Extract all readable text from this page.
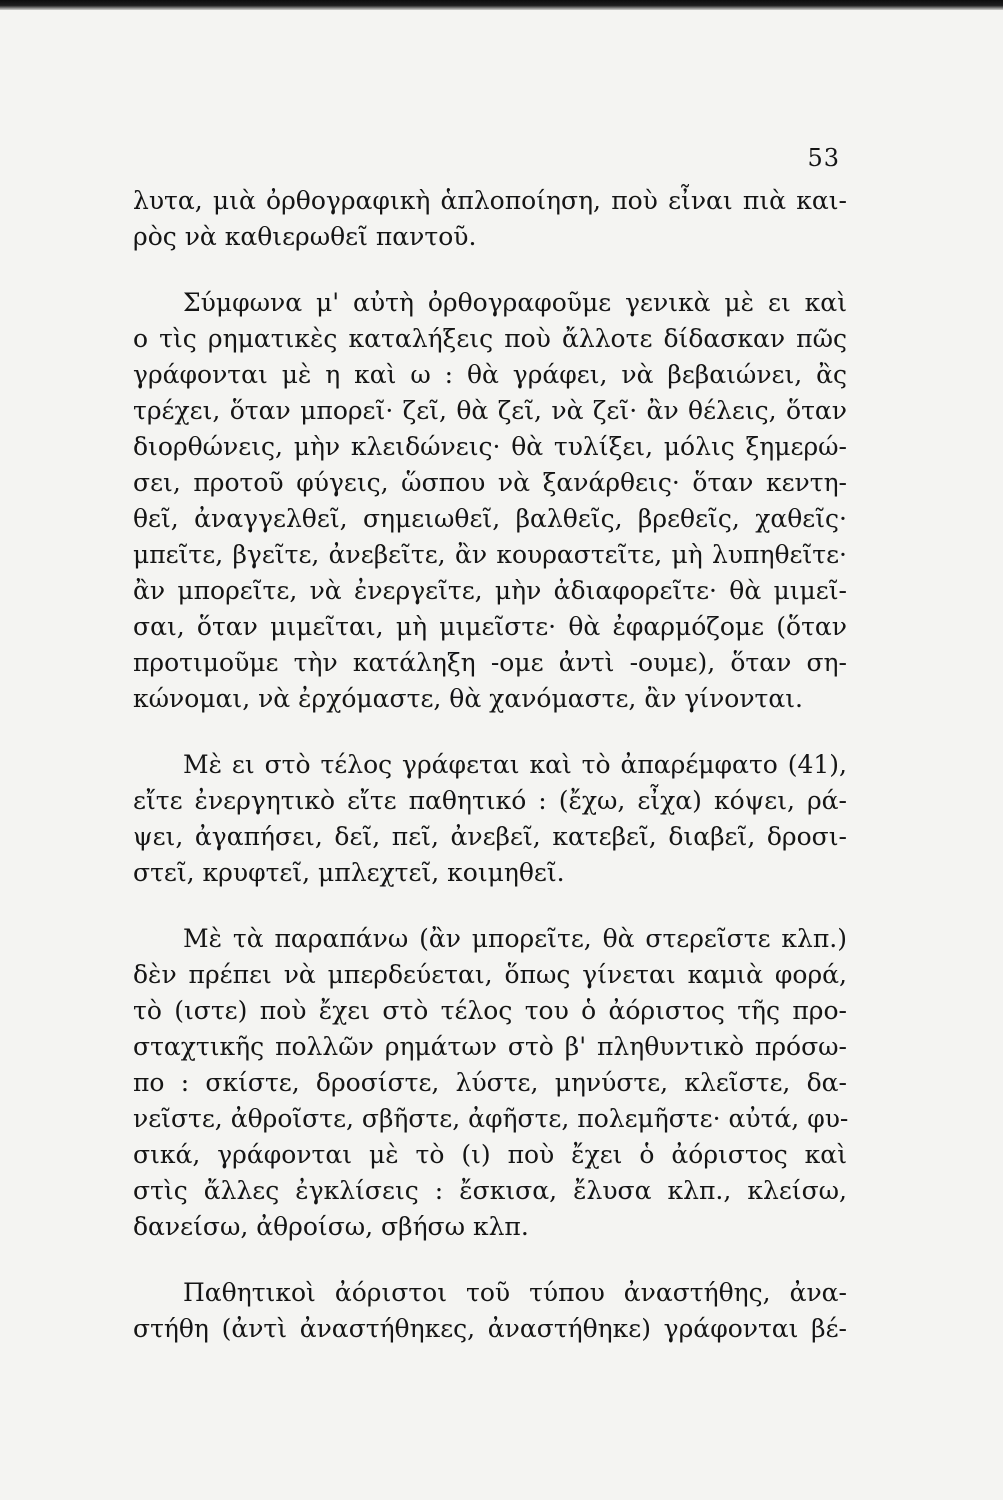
53
λυτα, μιὰ ὀρθογραφικὴ ἁπλοποίηση, ποὺ εἶναι πιὰ και-
ρὸς νὰ καθιερωθεῖ παντοῦ.
Σύμφωνα μ' αὐτὴ ὀρθογραφοῦμε γενικὰ μὲ ει καὶ
ο τὶς ρηματικὲς καταλήξεις ποὺ ἄλλοτε δίδασκαν πῶς
γράφονται μὲ η καὶ ω : θὰ γράφει, νὰ βεβαιώνει, ἂς
τρέχει, ὅταν μπορεῖ· ζεῖ, θὰ ζεῖ, νὰ ζεῖ· ἂν θέλεις, ὅταν
διορθώνεις, μὴν κλειδώνεις· θὰ τυλίξει, μόλις ξημερώ-
σει, προτοῦ φύγεις, ὥσπου νὰ ξανάρθεις· ὅταν κεντη-
θεῖ, ἀναγγελθεῖ, σημειωθεῖ, βαλθεῖς, βρεθεῖς, χαθεῖς·
μπεῖτε, βγεῖτε, ἀνεβεῖτε, ἂν κουραστεῖτε, μὴ λυπηθεῖτε·
ἂν μπορεῖτε, νὰ ἐνεργεῖτε, μὴν ἀδιαφορεῖτε· θὰ μιμεῖ-
σαι, ὅταν μιμεῖται, μὴ μιμεῖστε· θὰ ἐφαρμόζομε (ὅταν
προτιμοῦμε τὴν κατάληξη -ομε ἀντὶ -ουμε), ὅταν ση-
κώνομαι, νὰ ἐρχόμαστε, θὰ χανόμαστε, ἂν γίνονται.
Μὲ ει στὸ τέλος γράφεται καὶ τὸ ἀπαρέμφατο (41),
εἴτε ἐνεργητικὸ εἴτε παθητικό : (ἔχω, εἶχα) κόψει, ρά-
ψει, ἀγαπήσει, δεῖ, πεῖ, ἀνεβεῖ, κατεβεῖ, διαβεῖ, δροσι-
στεῖ, κρυφτεῖ, μπλεχτεῖ, κοιμηθεῖ.
Μὲ τὰ παραπάνω (ἂν μπορεῖτε, θὰ στερεῖστε κλπ.)
δὲν πρέπει νὰ μπερδεύεται, ὅπως γίνεται καμιὰ φορά,
τὸ (ιστε) ποὺ ἔχει στὸ τέλος του ὁ ἀόριστος τῆς προ-
σταχτικῆς πολλῶν ρημάτων στὸ β' πληθυντικὸ πρόσω-
πο : σκίστε, δροσίστε, λύστε, μηνύστε, κλεῖστε, δα-
νεῖστε, ἀθροῖστε, σβῆστε, ἀφῆστε, πολεμῆστε· αὐτά, φυ-
σικά, γράφονται μὲ τὸ (ι) ποὺ ἔχει ὁ ἀόριστος καὶ
στὶς ἄλλες ἐγκλίσεις : ἔσκισα, ἔλυσα κλπ., κλείσω,
δανείσω, ἀθροίσω, σβήσω κλπ.
Παθητικοὶ ἀόριστοι τοῦ τύπου ἀναστήθης, ἀνα-
στήθη (ἀντὶ ἀναστήθηκες, ἀναστήθηκε) γράφονται βέ-
